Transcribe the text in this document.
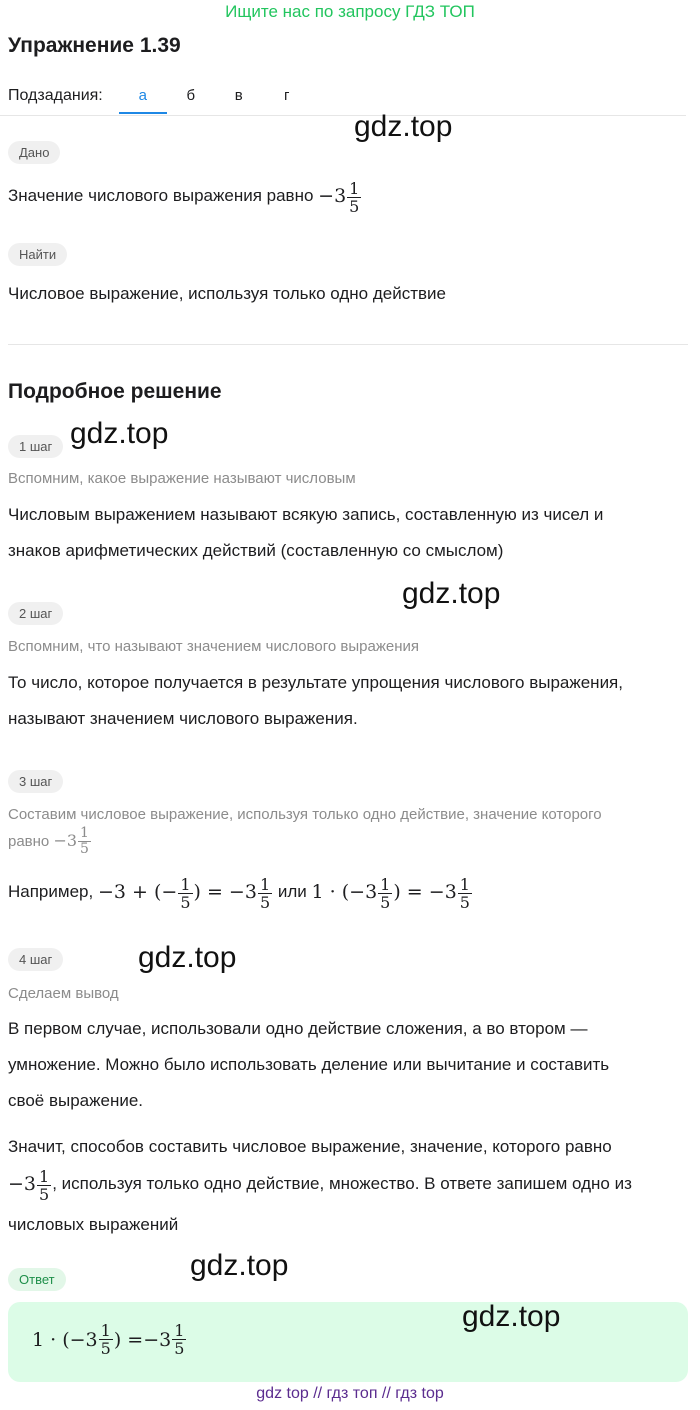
Ищите нас по запросу ГДЗ ТОП
Упражнение 1.39
Подзадания:	а	б	в	г
gdz.top
Дано
Значение числового выражения равно
$-3 \frac{1}{5}$
Найти
Числовое выражение, используя только одно действие
Подробное решение
1 шаг gdz.top
Вспомним, какое выражение называют числовым
Числовым выражением называют всякую запись, составленную из чисел и
знаков арифметических действий (составленную со смыслом)
2 шаг
gdz.top
Вспомним, что называют значением числового выражения
То число, которое получается в результате упрощения числового выражения,
называют значением числового выражения.
3 шаг
Составим числовое выражение, используя только одно действие, значение которого
равно
$-3 \frac{1}{5}$
Например,
−3 + (− $\frac{1}{5}$ ) = $-3 \frac{1}{5}$
или
$1 \cdot (-3 \frac{1}{5}$ ) = $-3 \frac{1}{5}$
4 шаг	gdz.top
Сделаем вывод
В первом случае, использовали одно действие сложения, а во втором —
умножение. Можно было использовать деление или вычитание и составить
своё выражение.
Значит, способов составить числовое выражение, значение, которого равно
$-3 \frac{1}{5}$ , используя только одно действие, множество. В ответе запишем одно из
числовых выражений
Ответ	gdz.top
1 · ( − $3 \frac{1}{5}$ ) = − $3 \frac{1}{5}$
gdz.top
gdz top // гдз топ // гдз top
